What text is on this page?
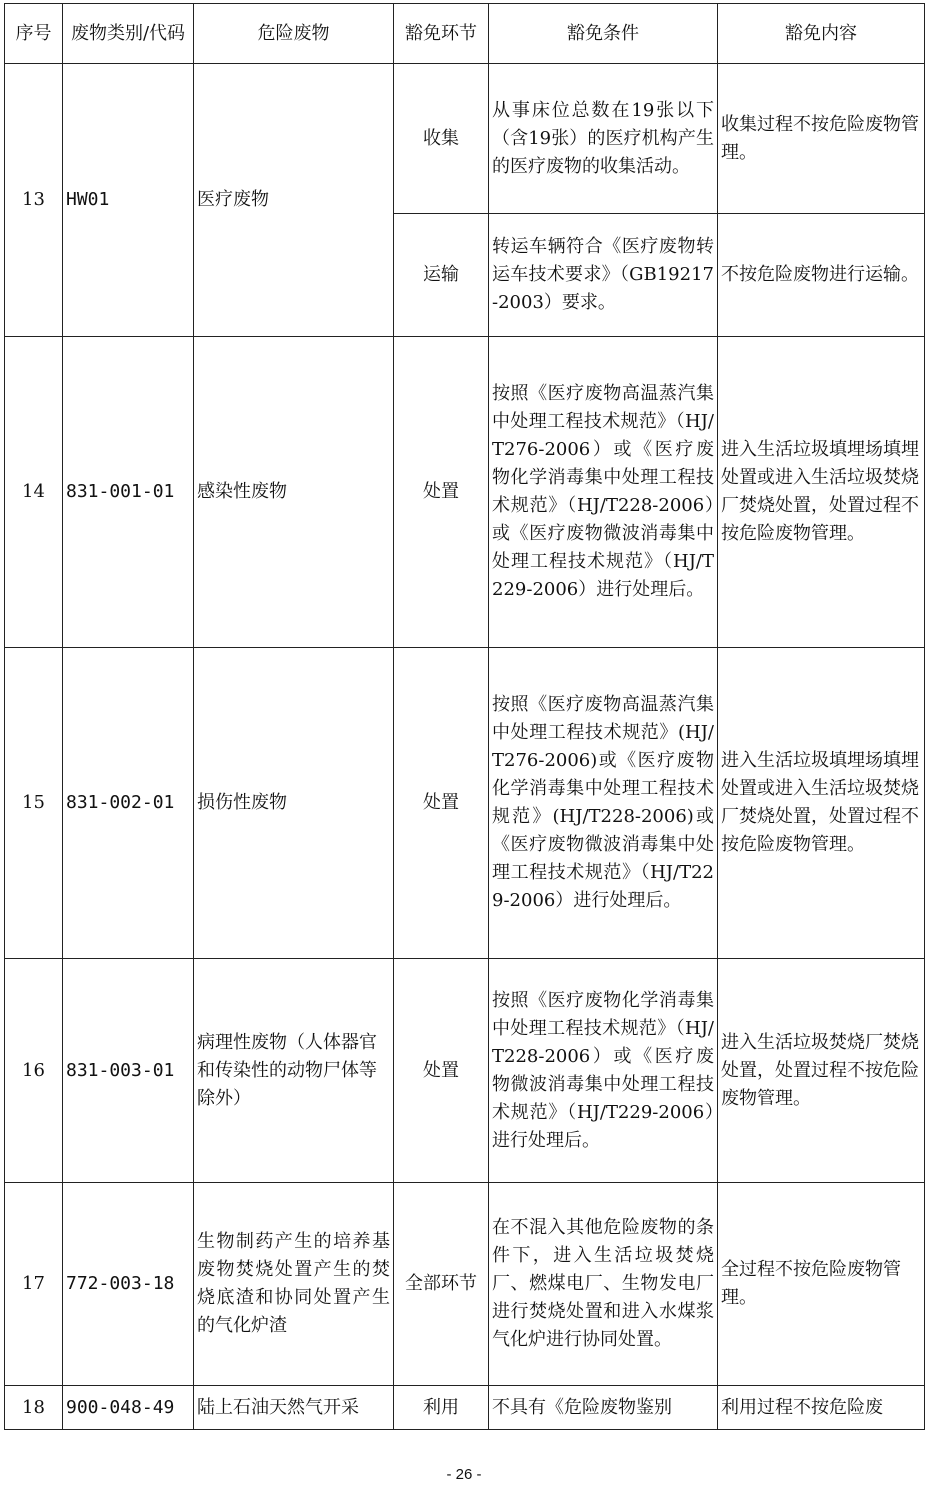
序号	废物类别/代码	危险废物	豁免环节	豁免条件	豁免内容
13	HW01	医疗废物	收集	从事床位总数在19张以下（含19张）的医疗机构产生的医疗废物的收集活动。	收集过程不按危险废物管理。
			运输	转运车辆符合《医疗废物转运车技术要求》（GB19217-2003）要求。	不按危险废物进行运输。
14	831-001-01	感染性废物	处置	按照《医疗废物高温蒸汽集中处理工程技术规范》（HJ/T276-2006）或《医疗废物化学消毒集中处理工程技术规范》（HJ/T228-2006）或《医疗废物微波消毒集中处理工程技术规范》（HJ/T229-2006）进行处理后。	进入生活垃圾填埋场填埋处置或进入生活垃圾焚烧厂焚烧处置，处置过程不按危险废物管理。
15	831-002-01	损伤性废物	处置	按照《医疗废物高温蒸汽集中处理工程技术规范》(HJ/T276-2006)或《医疗废物化学消毒集中处理工程技术规范》(HJ/T228-2006)或《医疗废物微波消毒集中处理工程技术规范》（HJ/T229-2006）进行处理后。	进入生活垃圾填埋场填埋处置或进入生活垃圾焚烧厂焚烧处置，处置过程不按危险废物管理。
16	831-003-01	病理性废物（人体器官和传染性的动物尸体等除外）	处置	按照《医疗废物化学消毒集中处理工程技术规范》（HJ/T228-2006）或《医疗废物微波消毒集中处理工程技术规范》（HJ/T229-2006）进行处理后。	进入生活垃圾焚烧厂焚烧处置，处置过程不按危险废物管理。
17	772-003-18	生物制药产生的培养基废物焚烧处置产生的焚烧底渣和协同处置产生的气化炉渣	全部环节	在不混入其他危险废物的条件下，进入生活垃圾焚烧厂、燃煤电厂、生物发电厂进行焚烧处置和进入水煤浆气化炉进行协同处置。	全过程不按危险废物管理。
18	900-048-49	陆上石油天然气开采	利用	不具有《危险废物鉴别	利用过程不按危险废
- 26 -
